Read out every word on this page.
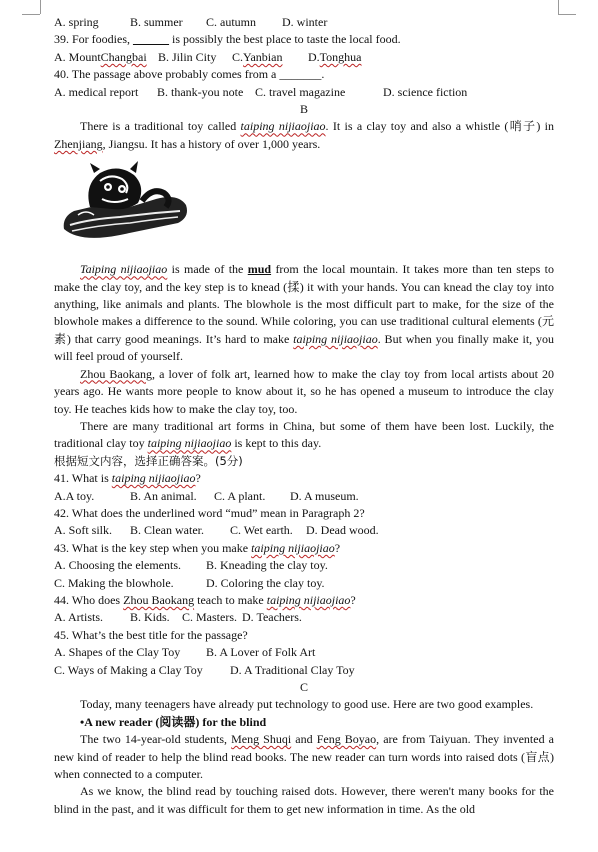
A. spring	B. summer C. autumn D. winter
39. For foodies, ______ is possibly the best place to taste the local food.
A. MountChangbai B. Jilin City C.Yanbian D.Tonghua
40. The passage above probably comes from a _______.
A. medical report B. thank-you note C. travel magazine	D. science fiction
B

There is a traditional toy called taiping nijiaojiao. It is a clay toy and also a whistle (哨子) in Zhenjiang, Jiangsu. It has a history of over 1,000 years.

Taiping nijiaojiao is made of the mud from the local mountain. It takes more than ten steps to make the clay toy, and the key step is to knead (揉) it with your hands. You can knead the clay toy into anything, like animals and plants. The blowhole is the most difficult part to make, for the size of the blowhole makes a difference to the sound. While coloring, you can use traditional cultural elements (元素) that carry good meanings. It’s hard to make taiping nijiaojiao. But when you finally make it, you will feel proud of yourself.

Zhou Baokang, a lover of folk art, learned how to make the clay toy from local artists about 20 years ago. He wants more people to know about it, so he has opened a museum to introduce the clay toy. He teaches kids how to make the clay toy, too.

There are many traditional art forms in China, but some of them have been lost. Luckily, the traditional clay toy taiping nijiaojiao is kept to this day.

根据短文内容，选择正确答案。(5分)
41. What is taiping nijiaojiao?
A.A toy.	B. An animal. C. A plant. D. A museum.
42. What does the underlined word “mud” mean in Paragraph 2?
A. Soft silk. B. Clean water. C. Wet earth. D. Dead wood.
43. What is the key step when you make taiping nijiaojiao?
A. Choosing the elements. B. Kneading the clay toy.
C. Making the blowhole.	D. Coloring the clay toy.
44. Who does Zhou Baokang teach to make taiping nijiaojiao?
A. Artists. B. Kids. C. Masters. D. Teachers.
45. What’s the best title for the passage?
A. Shapes of the Clay Toy B. A Lover of Folk Art
C. Ways of Making a Clay Toy D. A Traditional Clay Toy
C

Today, many teenagers have already put technology to good use. Here are two good examples.

•A new reader (阅读器) for the blind

The two 14-year-old students, Meng Shuqi and Feng Boyao, are from Taiyuan. They invented a new kind of reader to help the blind read books. The new reader can turn words into raised dots (盲点) when connected to a computer.

As we know, the blind read by touching raised dots. However, there weren't many books for the blind in the past, and it was difficult for them to get new information in time. As the old
